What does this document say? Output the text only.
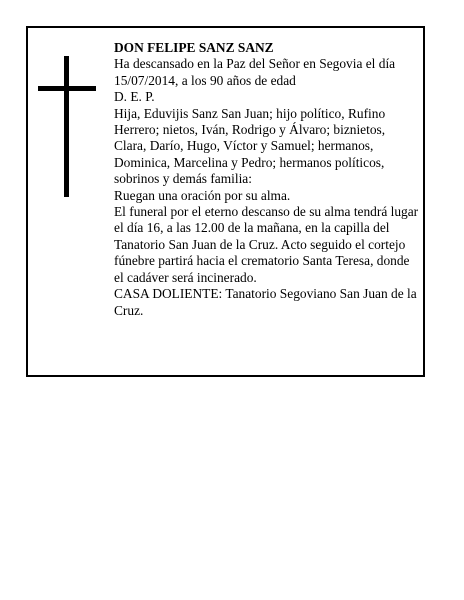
DON FELIPE SANZ SANZ

Ha descansado en la Paz del Señor en Segovia el día 15/07/2014, a los 90 años de edad

D. E. P.

Hija, Eduvijis Sanz San Juan; hijo político, Rufino Herrero; nietos, Iván, Rodrigo y Álvaro; biznietos, Clara, Darío, Hugo, Víctor y Samuel; hermanos, Dominica, Marcelina y Pedro; hermanos políticos, sobrinos y demás familia:

Ruegan una oración por su alma.

El funeral por el eterno descanso de su alma tendrá lugar el día 16, a las 12.00 de la mañana, en la capilla del Tanatorio San Juan de la Cruz. Acto seguido el cortejo fúnebre partirá hacia el crematorio Santa Teresa, donde el cadáver será incinerado.

CASA DOLIENTE: Tanatorio Segoviano San Juan de la Cruz.
